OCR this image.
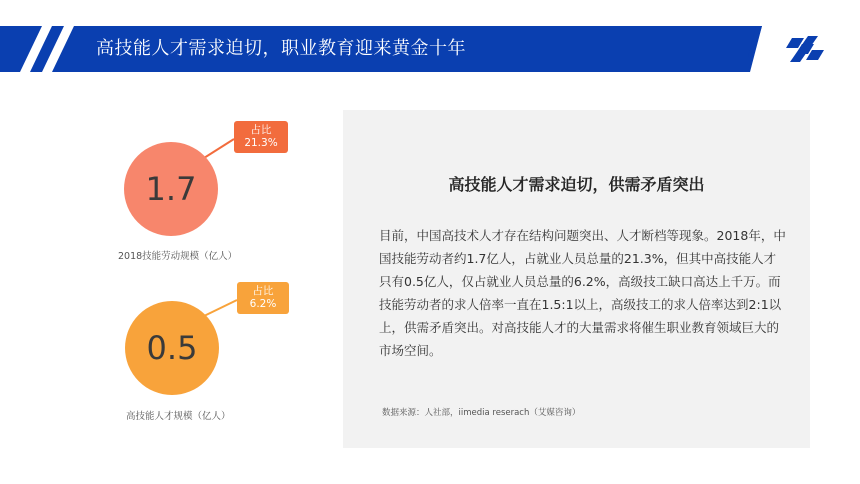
高技能人才需求迫切，职业教育迎来黄金十年
1.7
占比
21.3%
2018技能劳动规模（亿人）
0.5
占比
6.2%
高技能人才规模（亿人）
高技能人才需求迫切，供需矛盾突出
目前，中国高技术人才存在结构问题突出、人才断档等现象。2018年，中国技能劳动者约1.7亿人，占就业人员总量的21.3%，但其中高技能人才只有0.5亿人，仅占就业人员总量的6.2%，高级技工缺口高达上千万。而技能劳动者的求人倍率一直在1.5:1以上，高级技工的求人倍率达到2:1以上，供需矛盾突出。对高技能人才的大量需求将催生职业教育领域巨大的市场空间。
数据来源：人社部，iimedia reserach（艾媒咨询）
